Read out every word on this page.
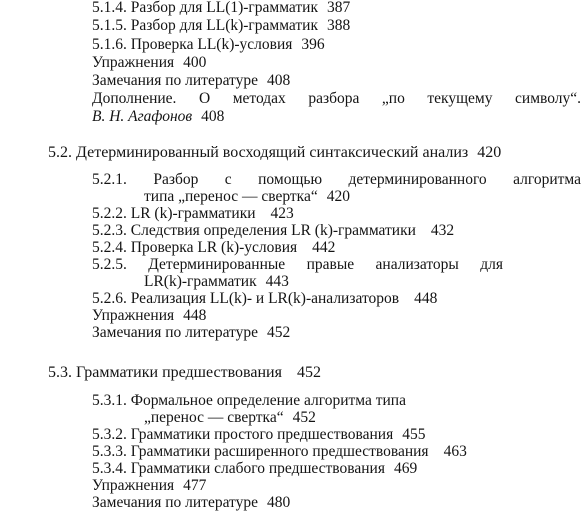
5.1.4. Разбор для LL(1)-грамматик 387
5.1.5. Разбор для LL(k)-грамматик 388
5.1.6. Проверка LL(k)-условия 396
Упражнения 400
Замечания по литературе 408
Дополнение. О методах разбора „по текущему символу“.
В. Н. Агафонов 408
5.2. Детерминированный восходящий синтаксический анализ 420
5.2.1. Разбор с помощью детерминированного алгоритма
типа „перенос — свертка“ 420
5.2.2. LR (k)-грамматики 423
5.2.3. Следствия определения LR (k)-грамматики 432
5.2.4. Проверка LR (k)-условия 442
5.2.5. Детерминированные правые анализаторы для
LR(k)-грамматик 443
5.2.6. Реализация LL(k)- и LR(k)-анализаторов 448
Упражнения 448
Замечания по литературе 452
5.3. Грамматики предшествования 452
5.3.1. Формальное определение алгоритма типа
„перенос — свертка“ 452
5.3.2. Грамматики простого предшествования 455
5.3.3. Грамматики расширенного предшествования 463
5.3.4. Грамматики слабого предшествования 469
Упражнения 477
Замечания по литературе 480
